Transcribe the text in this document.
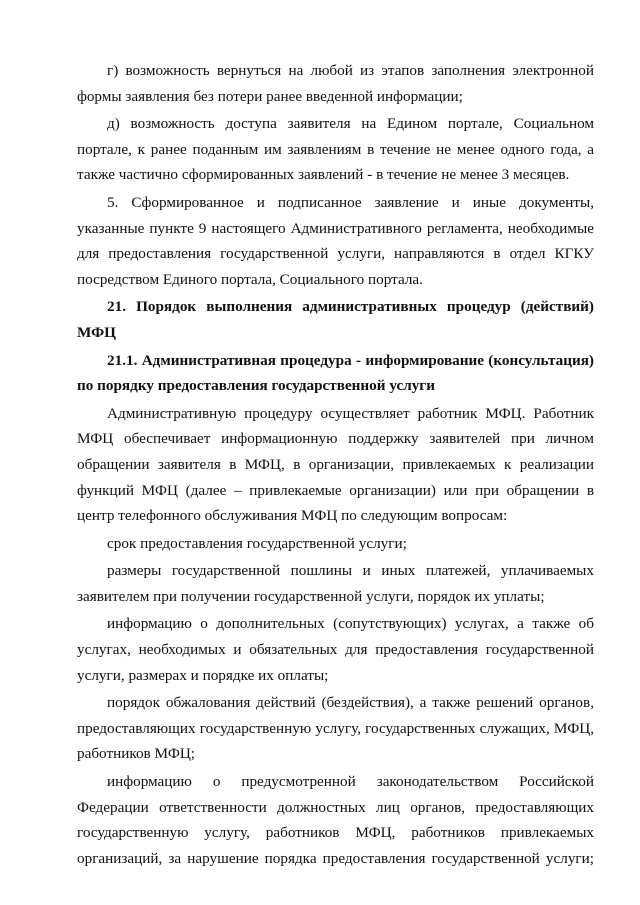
г) возможность вернуться на любой из этапов заполнения электронной формы заявления без потери ранее введенной информации;

д) возможность доступа заявителя на Едином портале, Социальном портале, к ранее поданным им заявлениям в течение не менее одного года, а также частично сформированных заявлений - в течение не менее 3 месяцев.

5. Сформированное и подписанное заявление и иные документы, указанные пункте 9 настоящего Административного регламента, необходимые для предоставления государственной услуги, направляются в отдел КГКУ посредством Единого портала, Социального портала.

21. Порядок выполнения административных процедур (действий) МФЦ

21.1. Административная процедура - информирование (консультация) по порядку предоставления государственной услуги

Административную процедуру осуществляет работник МФЦ. Работник МФЦ обеспечивает информационную поддержку заявителей при личном обращении заявителя в МФЦ, в организации, привлекаемых к реализации функций МФЦ (далее – привлекаемые организации) или при обращении в центр телефонного обслуживания МФЦ по следующим вопросам:

срок предоставления государственной услуги;

размеры государственной пошлины и иных платежей, уплачиваемых заявителем при получении государственной услуги, порядок их уплаты;

информацию о дополнительных (сопутствующих) услугах, а также об услугах, необходимых и обязательных для предоставления государственной услуги, размерах и порядке их оплаты;

порядок обжалования действий (бездействия), а также решений органов, предоставляющих государственную услугу, государственных служащих, МФЦ, работников МФЦ;

информацию о предусмотренной законодательством Российской Федерации ответственности должностных лиц органов, предоставляющих государственную услугу, работников МФЦ, работников привлекаемых организаций, за нарушение порядка предоставления государственной услуги;
